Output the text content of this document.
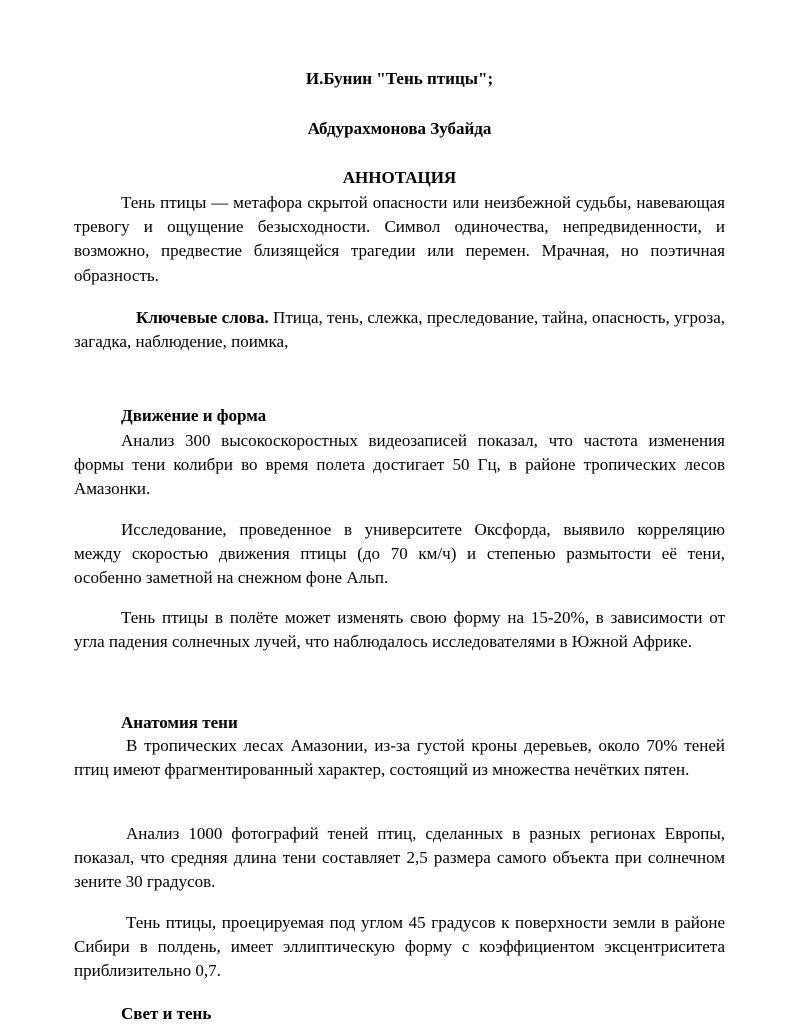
И.Бунин "Тень птицы";

Абдурахмонова Зубайда

АННОТАЦИЯ

Тень птицы — метафора скрытой опасности или неизбежной судьбы, навевающая тревогу и ощущение безысходности. Символ одиночества, непредвиденности, и возможно, предвестие близящейся трагедии или перемен. Мрачная, но поэтичная образность.

Ключевые слова. Птица, тень, слежка, преследование, тайна, опасность, угроза, загадка, наблюдение, поимка,

Движение и форма

Анализ 300 высокоскоростных видеозаписей показал, что частота изменения формы тени колибри во время полета достигает 50 Гц, в районе тропических лесов Амазонки.

Исследование, проведенное в университете Оксфорда, выявило корреляцию между скоростью движения птицы (до 70 км/ч) и степенью размытости её тени, особенно заметной на снежном фоне Альп.

Тень птицы в полёте может изменять свою форму на 15-20%, в зависимости от угла падения солнечных лучей, что наблюдалось исследователями в Южной Африке.

Анатомия тени

В тропических лесах Амазонии, из-за густой кроны деревьев, около 70% теней птиц имеют фрагментированный характер, состоящий из множества нечётких пятен.

Анализ 1000 фотографий теней птиц, сделанных в разных регионах Европы, показал, что средняя длина тени составляет 2,5 размера самого объекта при солнечном зените 30 градусов.

Тень птицы, проецируемая под углом 45 градусов к поверхности земли в районе Сибири в полдень, имеет эллиптическую форму с коэффициентом эксцентриситета приблизительно 0,7.

Свет и тень
